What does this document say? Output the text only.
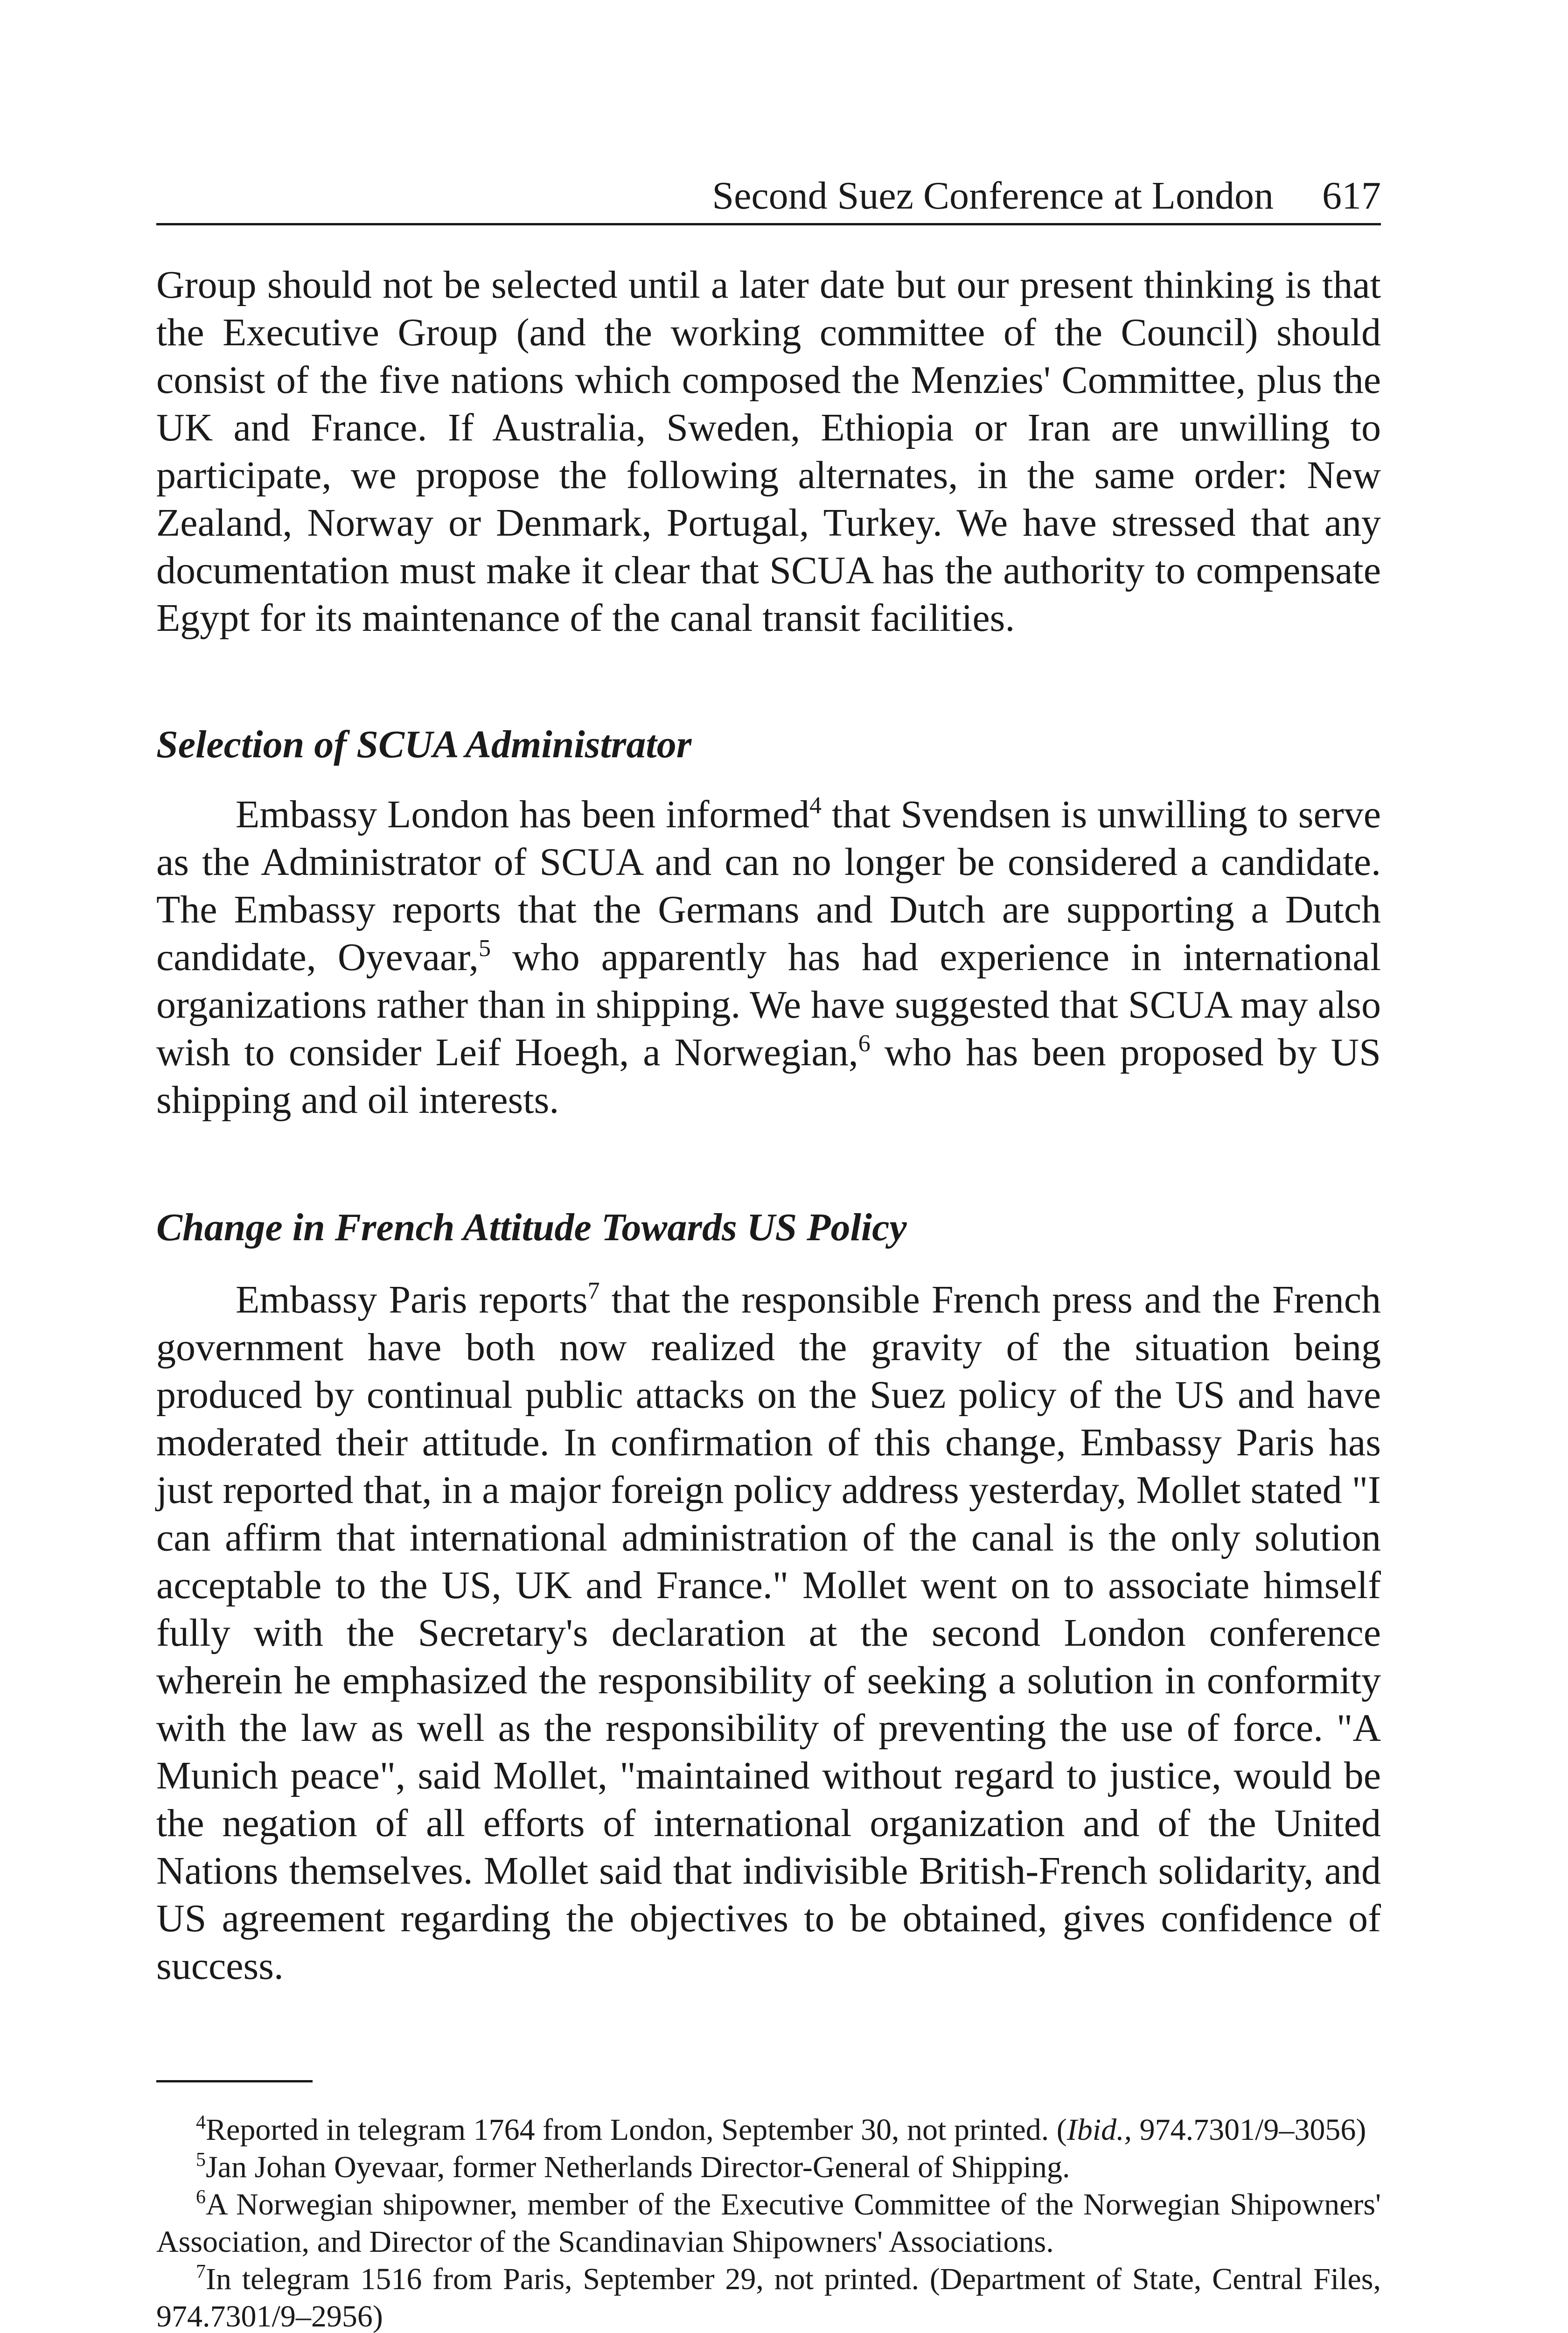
Second Suez Conference at London 617

Group should not be selected until a later date but our present thinking is that the Executive Group (and the working committee of the Council) should consist of the five nations which composed the Menzies' Committee, plus the UK and France. If Australia, Sweden, Ethiopia or Iran are unwilling to participate, we propose the following alternates, in the same order: New Zealand, Norway or Denmark, Portugal, Turkey. We have stressed that any documentation must make it clear that SCUA has the authority to compensate Egypt for its maintenance of the canal transit facilities.

Selection of SCUA Administrator

Embassy London has been informed$^4$ that Svendsen is unwilling to serve as the Administrator of SCUA and can no longer be considered a candidate. The Embassy reports that the Germans and Dutch are supporting a Dutch candidate, Oyevaar,$^5$ who apparently has had experience in international organizations rather than in shipping. We have suggested that SCUA may also wish to consider Leif Hoegh, a Norwegian,$^6$ who has been proposed by US shipping and oil interests.

Change in French Attitude Towards US Policy

Embassy Paris reports$^7$ that the responsible French press and the French government have both now realized the gravity of the situation being produced by continual public attacks on the Suez policy of the US and have moderated their attitude. In confirmation of this change, Embassy Paris has just reported that, in a major foreign policy address yesterday, Mollet stated "I can affirm that international administration of the canal is the only solution acceptable to the US, UK and France." Mollet went on to associate himself fully with the Secretary's declaration at the second London conference wherein he emphasized the responsibility of seeking a solution in conformity with the law as well as the responsibility of preventing the use of force. "A Munich peace", said Mollet, "maintained without regard to justice, would be the negation of all efforts of international organization and of the United Nations themselves. Mollet said that indivisible British-French solidarity, and US agreement regarding the objectives to be obtained, gives confidence of success.

$^4$Reported in telegram 1764 from London, September 30, not printed. (Ibid., 974.7301/9–3056)

$^5$Jan Johan Oyevaar, former Netherlands Director-General of Shipping.

$^6$A Norwegian shipowner, member of the Executive Committee of the Norwegian Shipowners' Association, and Director of the Scandinavian Shipowners' Associations.

$^7$In telegram 1516 from Paris, September 29, not printed. (Department of State, Central Files, 974.7301/9–2956)
